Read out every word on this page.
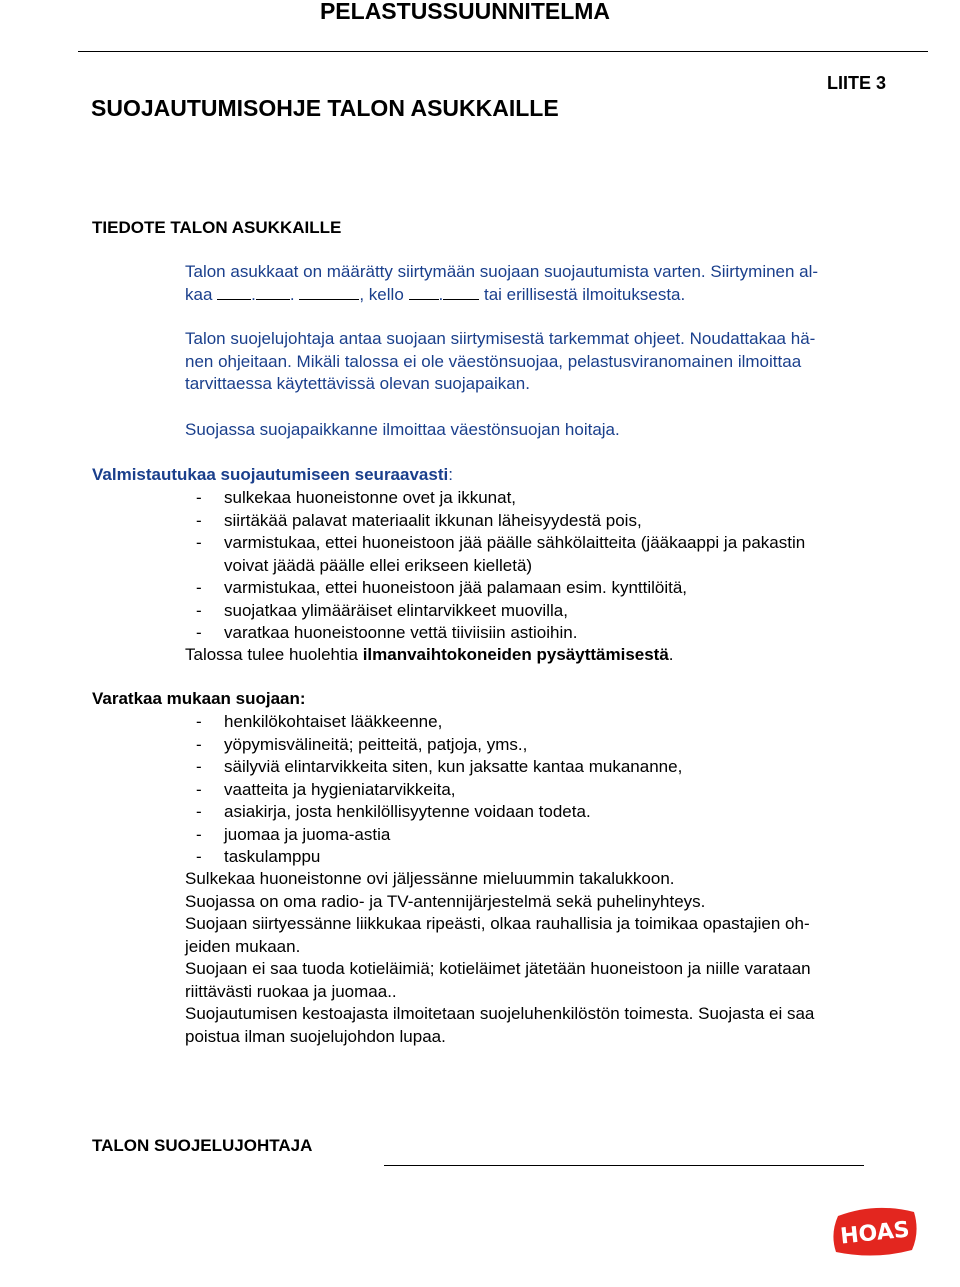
PELASTUSSUUNNITELMA
LIITE 3
SUOJAUTUMISOHJE TALON ASUKKAILLE
TIEDOTE TALON ASUKKAILLE
Talon asukkaat on määrätty siirtymään suojaan suojautumista varten. Siirtyminen al-
kaa . .	, kello . tai erillisestä ilmoituksesta.
Talon suojelujohtaja antaa suojaan siirtymisestä tarkemmat ohjeet. Noudattakaa hä-
nen ohjeitaan. Mikäli talossa ei ole väestönsuojaa, pelastusviranomainen ilmoittaa
tarvittaessa käytettävissä olevan suojapaikan.
Suojassa suojapaikkanne ilmoittaa väestönsuojan hoitaja.
Valmistautukaa suojautumiseen seuraavasti:
- sulkekaa huoneistonne ovet ja ikkunat,
- siirtäkää palavat materiaalit ikkunan läheisyydestä pois,
- varmistukaa, ettei huoneistoon jää päälle sähkölaitteita (jääkaappi ja pakastin
voivat jäädä päälle ellei erikseen kielletä)
- varmistukaa, ettei huoneistoon jää palamaan esim. kynttilöitä,
- suojatkaa ylimääräiset elintarvikkeet muovilla,
- varatkaa huoneistoonne vettä tiiviisiin astioihin.
Talossa tulee huolehtia ilmanvaihtokoneiden pysäyttämisestä.
Varatkaa mukaan suojaan:
- henkilökohtaiset lääkkeenne,
- yöpymisvälineitä; peitteitä, patjoja, yms.,
- säilyviä elintarvikkeita siten, kun jaksatte kantaa mukananne,
- vaatteita ja hygieniatarvikkeita,
- asiakirja, josta henkilöllisyytenne voidaan todeta.
- juomaa ja juoma-astia
- taskulamppu
Sulkekaa huoneistonne ovi jäljessänne mieluummin takalukkoon.
Suojassa on oma radio- ja TV-antennijärjestelmä sekä puhelinyhteys.
Suojaan siirtyessänne liikkukaa ripeästi, olkaa rauhallisia ja toimikaa opastajien oh-
jeiden mukaan.
Suojaan ei saa tuoda kotieläimiä; kotieläimet jätetään huoneistoon ja niille varataan
riittävästi ruokaa ja juomaa..
Suojautumisen kestoajasta ilmoitetaan suojeluhenkilöstön toimesta. Suojasta ei saa
poistua ilman suojelujohdon lupaa.
TALON SUOJELUJOHTAJA
HOAS
